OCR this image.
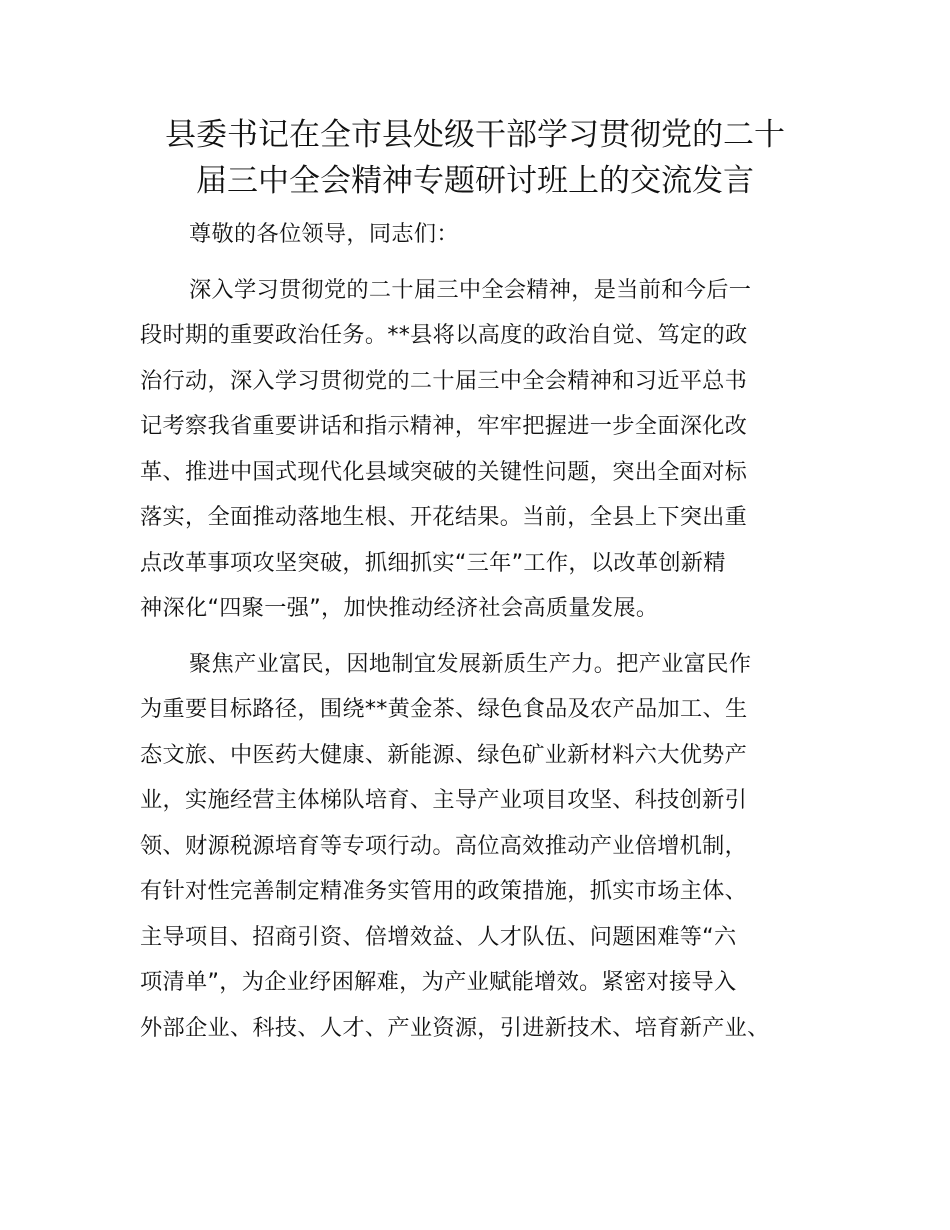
县委书记在全市县处级干部学习贯彻党的二十
届三中全会精神专题研讨班上的交流发言

尊敬的各位领导，同志们：

深入学习贯彻党的二十届三中全会精神，是当前和今后一
段时期的重要政治任务。**县将以高度的政治自觉、笃定的政
治行动，深入学习贯彻党的二十届三中全会精神和习近平总书
记考察我省重要讲话和指示精神，牢牢把握进一步全面深化改
革、推进中国式现代化县域突破的关键性问题，突出全面对标
落实，全面推动落地生根、开花结果。当前，全县上下突出重
点改革事项攻坚突破，抓细抓实“三年”工作，以改革创新精
神深化“四聚一强”，加快推动经济社会高质量发展。

聚焦产业富民，因地制宜发展新质生产力。把产业富民作
为重要目标路径，围绕**黄金茶、绿色食品及农产品加工、生
态文旅、中医药大健康、新能源、绿色矿业新材料六大优势产
业，实施经营主体梯队培育、主导产业项目攻坚、科技创新引
领、财源税源培育等专项行动。高位高效推动产业倍增机制，
有针对性完善制定精准务实管用的政策措施，抓实市场主体、
主导项目、招商引资、倍增效益、人才队伍、问题困难等“六
项清单”，为企业纾困解难，为产业赋能增效。紧密对接导入
外部企业、科技、人才、产业资源，引进新技术、培育新产业、
